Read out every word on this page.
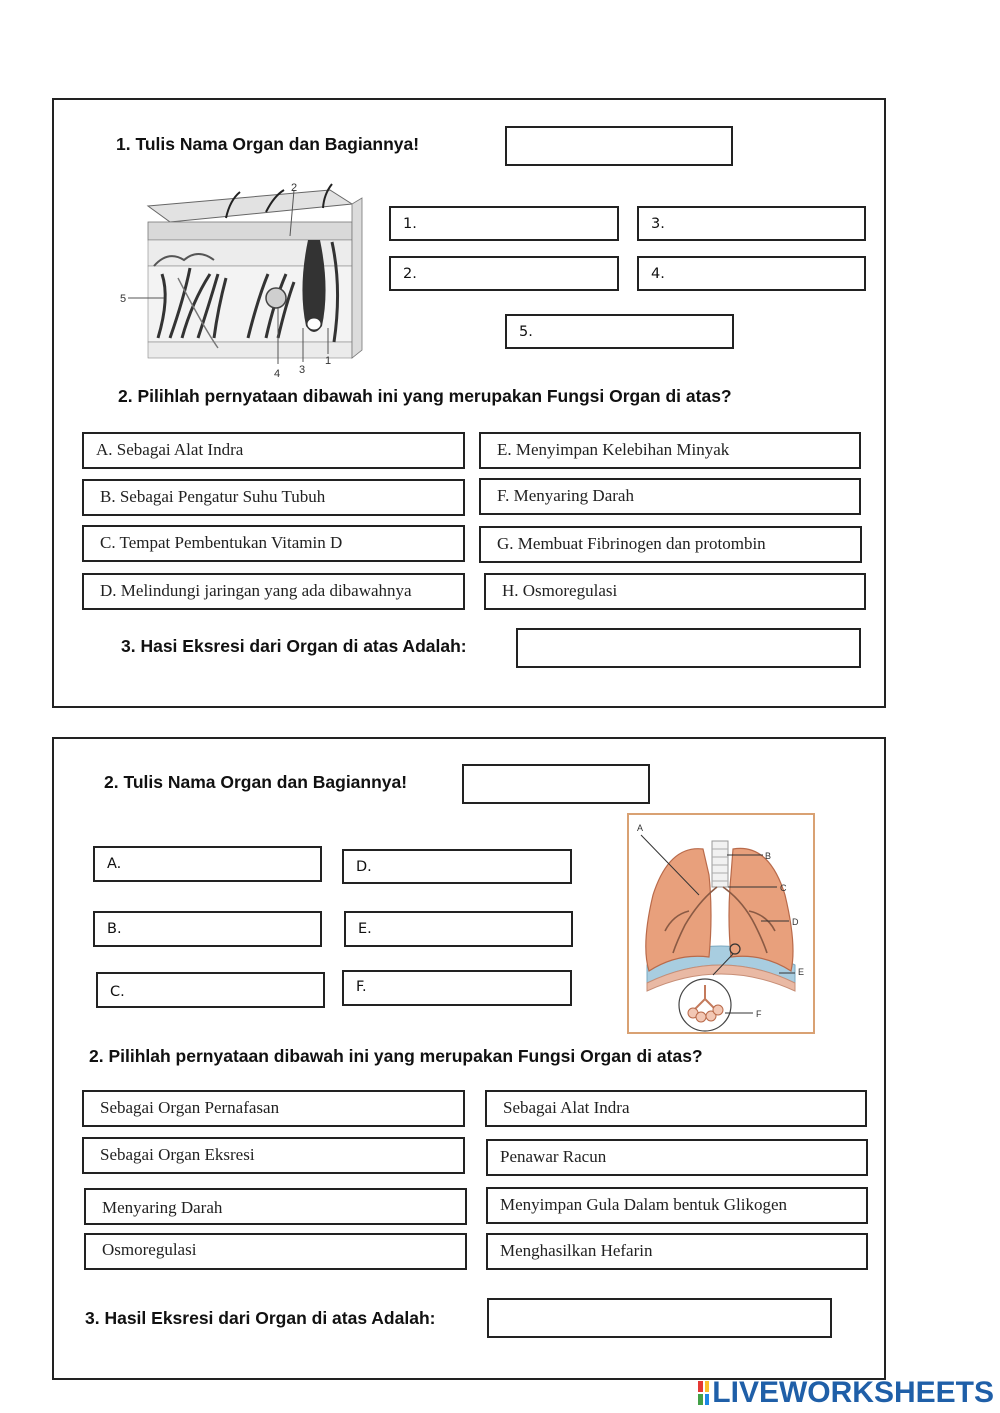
1. Tulis Nama Organ dan Bagiannya!
2
5
4 3
1
1.	3.
2.	4.
5.
2. Pilihlah pernyataan dibawah ini yang merupakan Fungsi Organ di atas?
A. Sebagai Alat Indra
B. Sebagai Pengatur Suhu Tubuh
C. Tempat Pembentukan Vitamin D
D. Melindungi jaringan yang ada dibawahnya
E. Menyimpan Kelebihan Minyak
F. Menyaring Darah
G. Membuat Fibrinogen dan protombin
H. Osmoregulasi
3. Hasi Eksresi dari Organ di atas Adalah:
2. Tulis Nama Organ dan Bagiannya!
A.	D.
B.	E.
C.	F.
A
B
C
D
E
F
2. Pilihlah pernyataan dibawah ini yang merupakan Fungsi Organ di atas?
Sebagai Organ Pernafasan
Sebagai Organ Eksresi
Menyaring Darah
Osmoregulasi
Sebagai Alat Indra
Penawar Racun
Menyimpan Gula Dalam bentuk Glikogen
Menghasilkan Hefarin
3. Hasil Eksresi dari Organ di atas Adalah:
LIVEWORKSHEETS
